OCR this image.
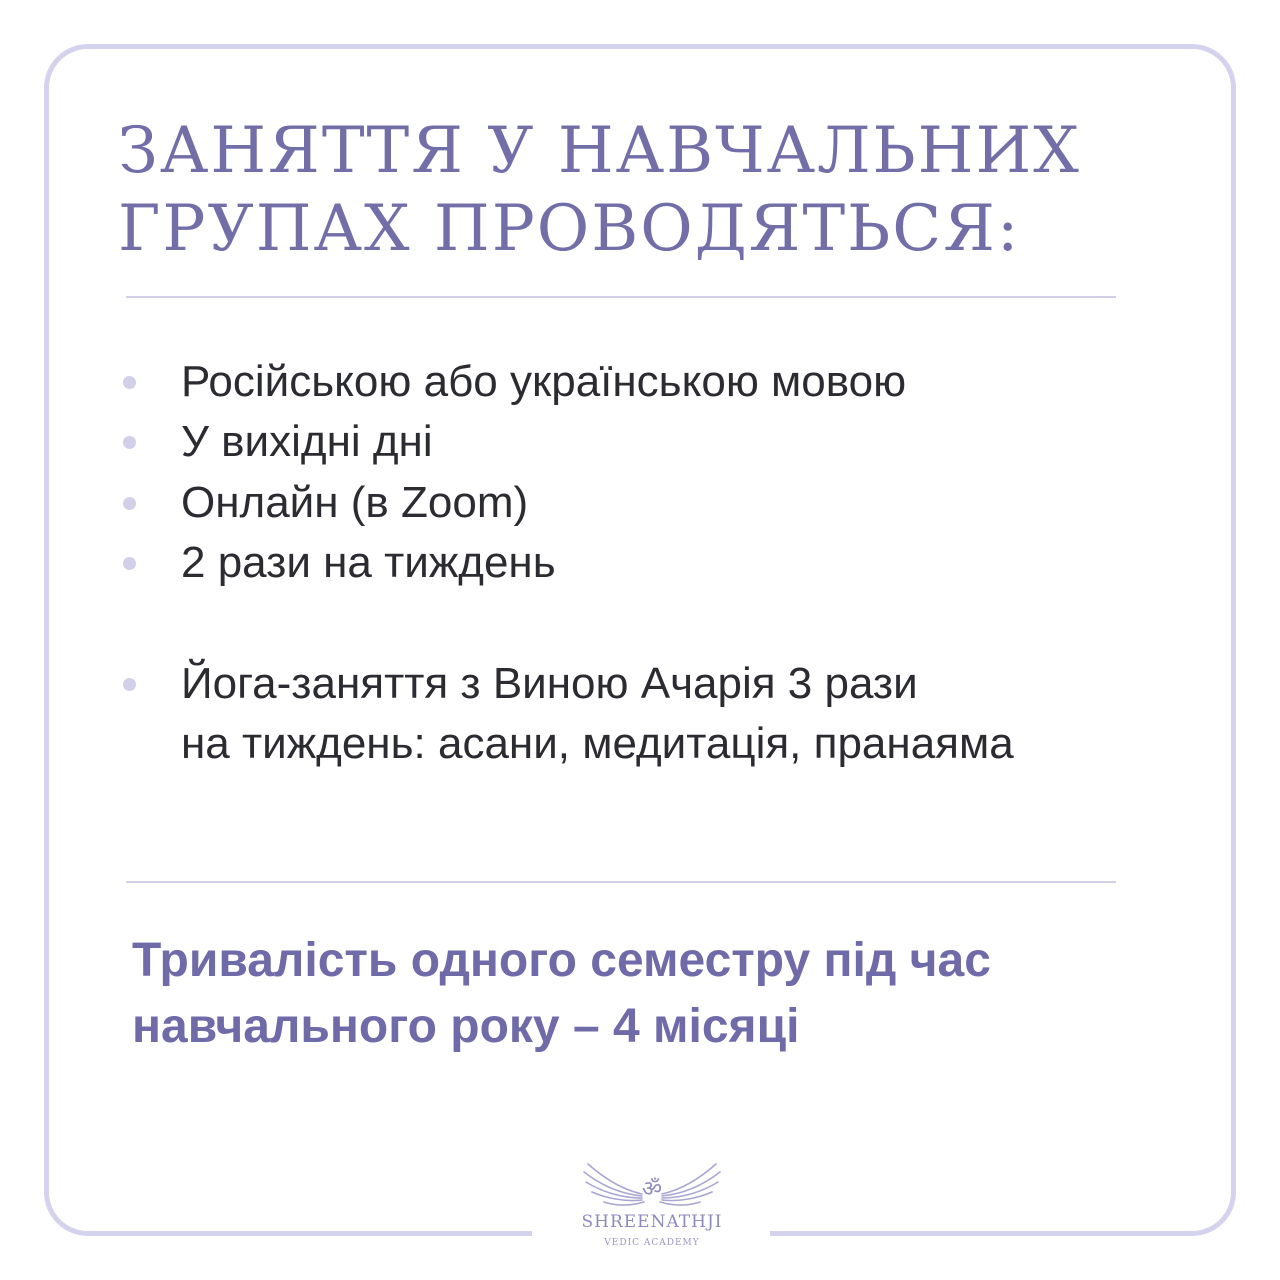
ЗАНЯТТЯ У НАВЧАЛЬНИХ
ГРУПАХ ПРОВОДЯТЬСЯ:
Російською або українською мовою
У вихідні дні
Онлайн (в Zoom)
2 рази на тиждень
Йога-заняття з Виною Ачарія 3 рази
на тиждень: асани, медитація, пранаяма

Тривалість одного семестру під час
навчального року – 4 місяці

ॐ
SHREENATHJI
VEDIC ACADEMY
